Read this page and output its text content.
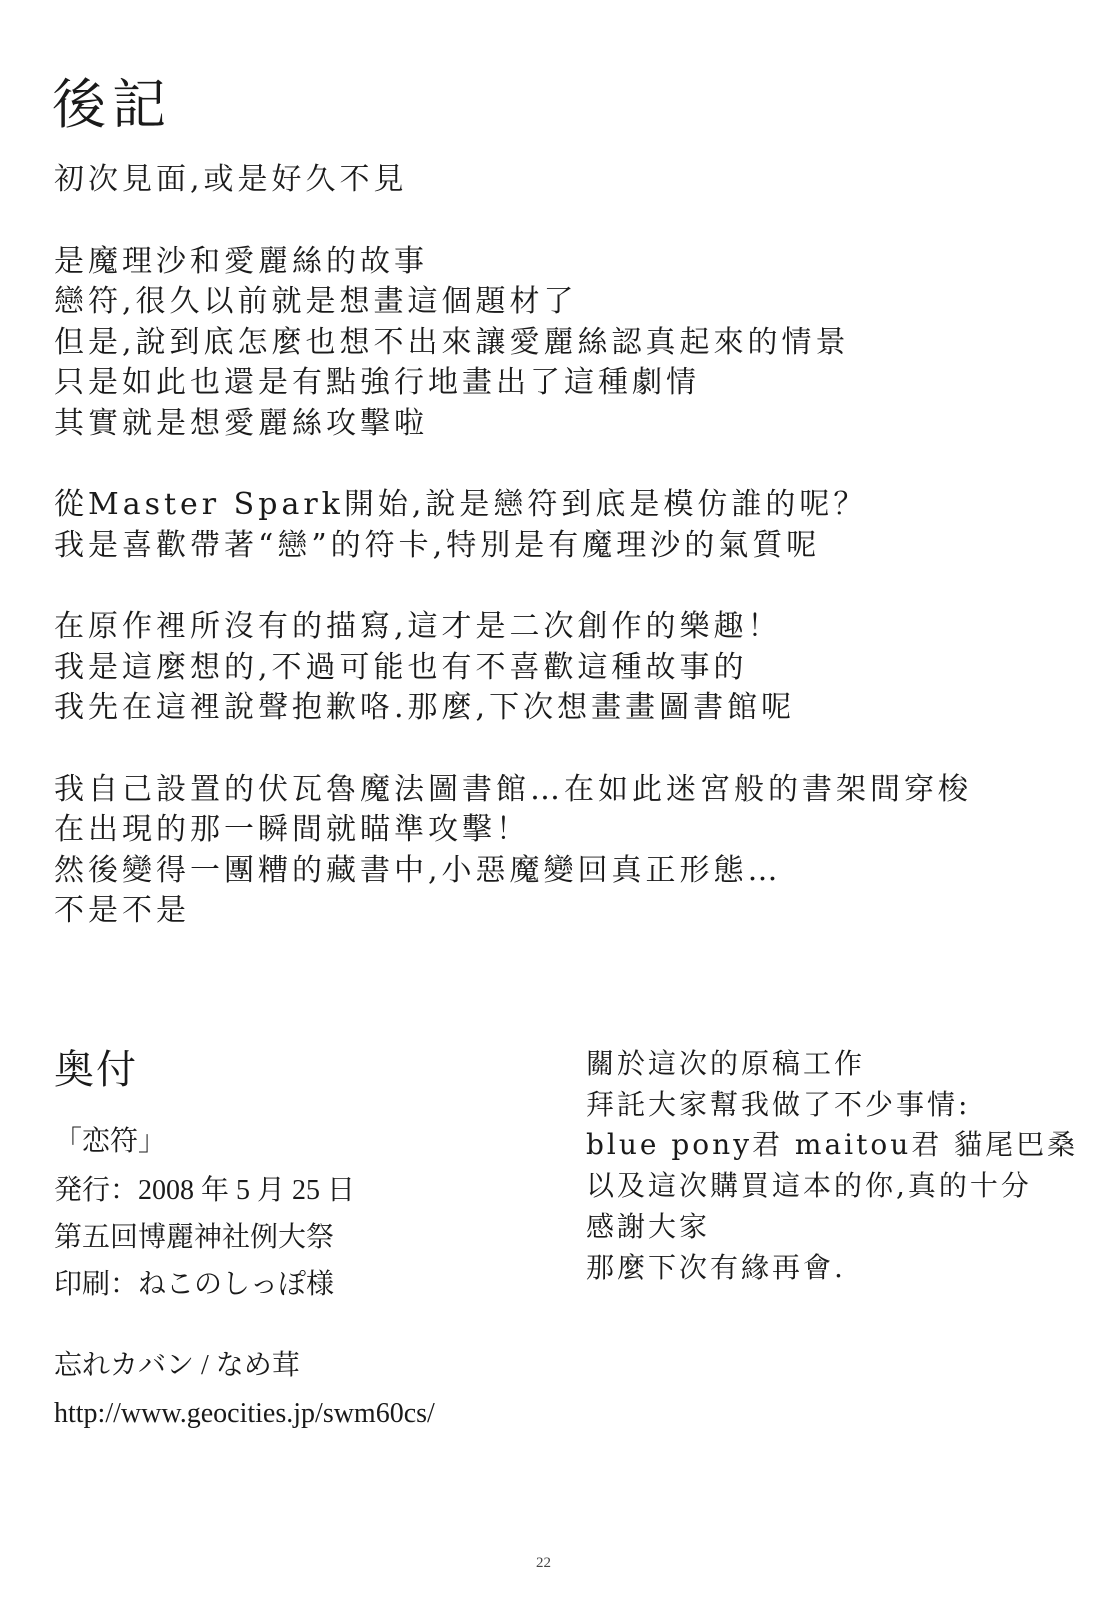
後記
初次見面,或是好久不見
是魔理沙和愛麗絲的故事
戀符,很久以前就是想畫這個題材了
但是,說到底怎麼也想不出來讓愛麗絲認真起來的情景
只是如此也還是有點強行地畫出了這種劇情
其實就是想愛麗絲攻擊啦
從Master Spark開始,說是戀符到底是模仿誰的呢？
我是喜歡帶著“戀”的符卡,特別是有魔理沙的氣質呢
在原作裡所沒有的描寫,這才是二次創作的樂趣！
我是這麼想的,不過可能也有不喜歡這種故事的
我先在這裡說聲抱歉咯.那麼,下次想畫畫圖書館呢
我自己設置的伏瓦魯魔法圖書館…在如此迷宮般的書架間穿梭
在出現的那一瞬間就瞄準攻擊！
然後變得一團糟的藏書中,小惡魔變回真正形態…
不是不是
奥付
「恋符」
発行：2008 年 5 月 25 日
第五回博麗神社例大祭
印刷：ねこのしっぽ様
忘れカバン / なめ茸
http://www.geocities.jp/swm60cs/
關於這次的原稿工作
拜託大家幫我做了不少事情:
blue pony君 maitou君 貓尾巴桑
以及這次購買這本的你,真的十分
感謝大家
那麼下次有緣再會.
22
